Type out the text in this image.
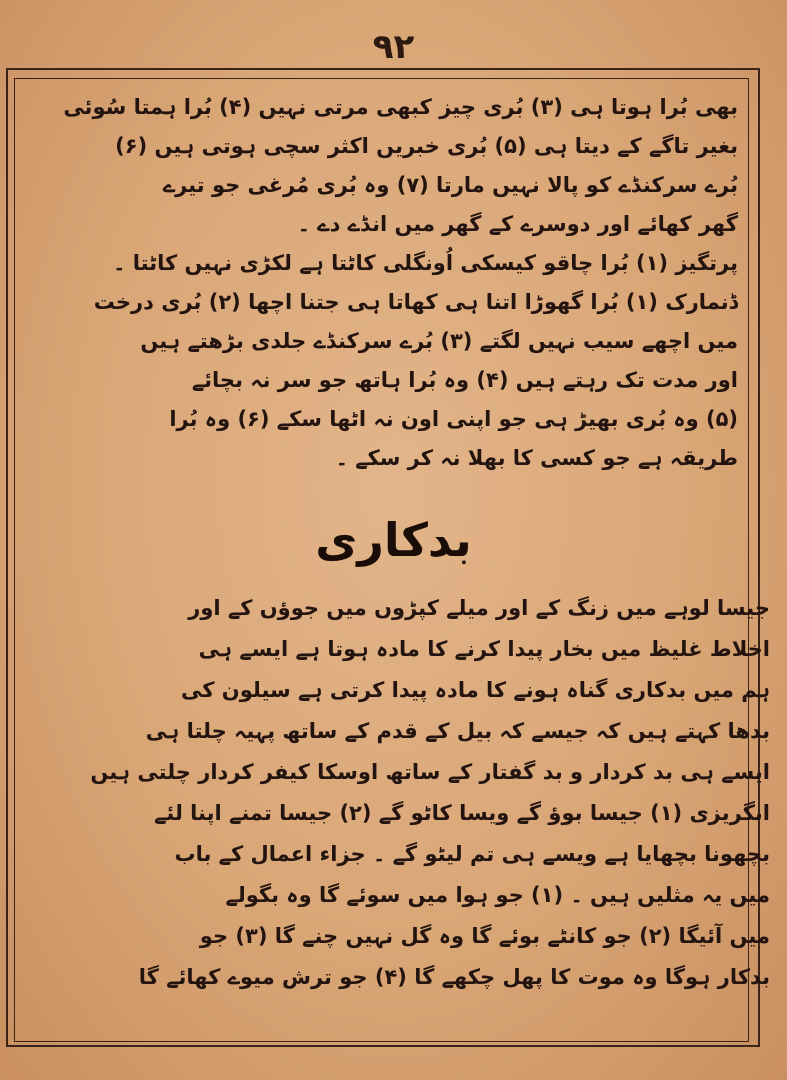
۹۲
بھی بُرا ہوتا ہی (۳) بُری چیز کبھی مرتی نہیں (۴) بُرا ہمتا سُوئی
بغیر تاگے کے دیتا ہی (۵) بُری خبریں اکثر سچی ہوتی ہیں (۶)
بُرے سرکنڈے کو پالا نہیں مارتا (۷) وہ بُری مُرغی جو تیرے
گھر کھائے اور دوسرے کے گھر میں انڈے دے ۔
پرتگیز (۱) بُرا چاقو کیسکی اُونگلی کاٹتا ہے لکڑی نہیں کاٹتا ۔
ڈنمارک (۱) بُرا گھوڑا اتنا ہی کھاتا ہی جتنا اچھا (۲) بُری درخت
میں اچھے سیب نہیں لگتے (۳) بُرے سرکنڈے جلدی بڑھتے ہیں
اور مدت تک رہتے ہیں (۴) وہ بُرا ہاتھ جو سر نہ بچائے
(۵) وہ بُری بھیڑ ہی جو اپنی اون نہ اٹھا سکے (۶) وہ بُرا
طریقہ ہے جو کسی کا بھلا نہ کر سکے ۔
بدکاری
جیسا لوہے میں زنگ کے اور میلے کپڑوں میں جوؤں کے اور
اخلاط غلیظ میں بخار پیدا کرنے کا مادہ ہوتا ہے ایسے ہی
ہم میں بدکاری گناہ ہونے کا مادہ پیدا کرتی ہے سیلون کی
بدھا کہتے ہیں کہ جیسے کہ بیل کے قدم کے ساتھ پہیہ چلتا ہی
ایسے ہی بد کردار و بد گفتار کے ساتھ اوسکا کیفر کردار چلتی ہیں
انگریزی (۱) جیسا بوؤ گے ویسا کاٹو گے (۲) جیسا تمنے اپنا لئے
بچھونا بچھایا ہے ویسے ہی تم لیٹو گے ۔ جزاء اعمال کے باب
میں یہ مثلیں ہیں ۔ (۱) جو ہوا میں سوئے گا وہ بگولے
میں آئیگا (۲) جو کانٹے بوئے گا وہ گل نہیں چنے گا (۳) جو
بدکار ہوگا وہ موت کا پھل چکھے گا (۴) جو ترش میوے کھائے گا
